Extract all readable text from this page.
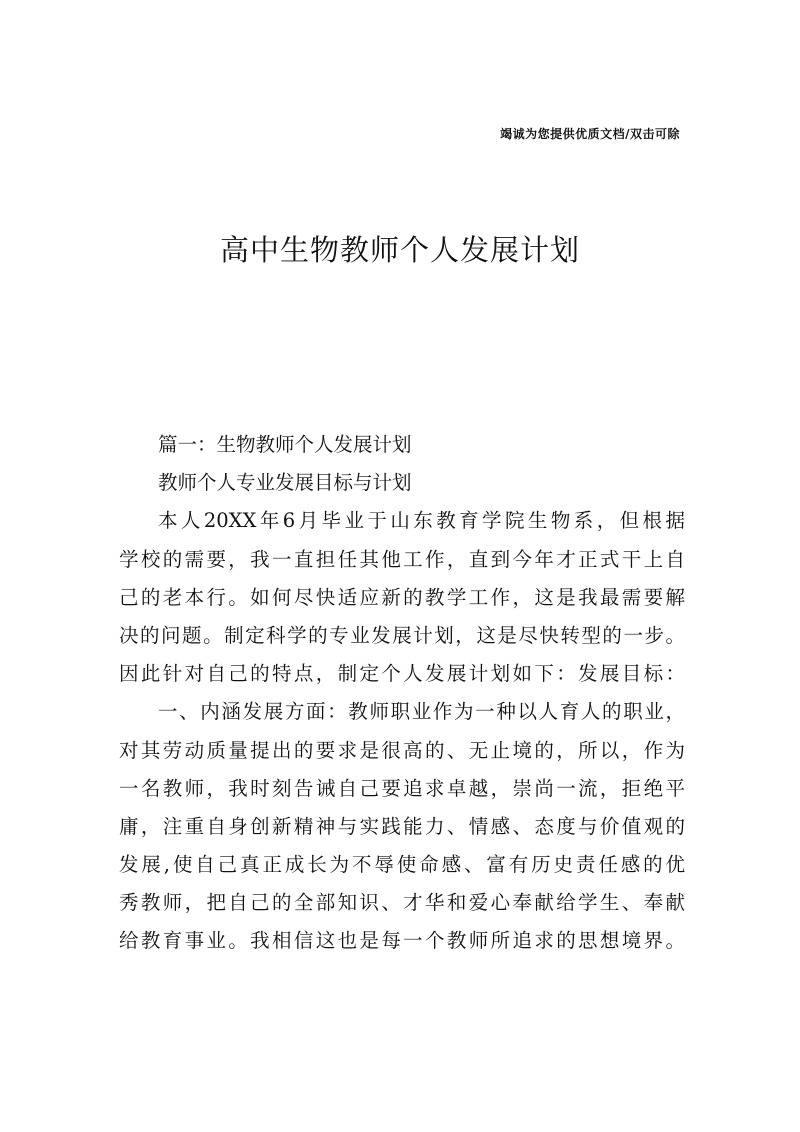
竭诚为您提供优质文档/双击可除
高中生物教师个人发展计划
篇一：生物教师个人发展计划
教师个人专业发展目标与计划
本人20XX年6月毕业于山东教育学院生物系，但根据
学校的需要，我一直担任其他工作，直到今年才正式干上自
己的老本行。如何尽快适应新的教学工作，这是我最需要解
决的问题。制定科学的专业发展计划，这是尽快转型的一步。
因此针对自己的特点，制定个人发展计划如下：发展目标：
一、内涵发展方面：教师职业作为一种以人育人的职业，
对其劳动质量提出的要求是很高的、无止境的，所以，作为
一名教师，我时刻告诫自己要追求卓越，崇尚一流，拒绝平
庸，注重自身创新精神与实践能力、情感、态度与价值观的
发展,使自己真正成长为不辱使命感、富有历史责任感的优
秀教师，把自己的全部知识、才华和爱心奉献给学生、奉献
给教育事业。我相信这也是每一个教师所追求的思想境界。
